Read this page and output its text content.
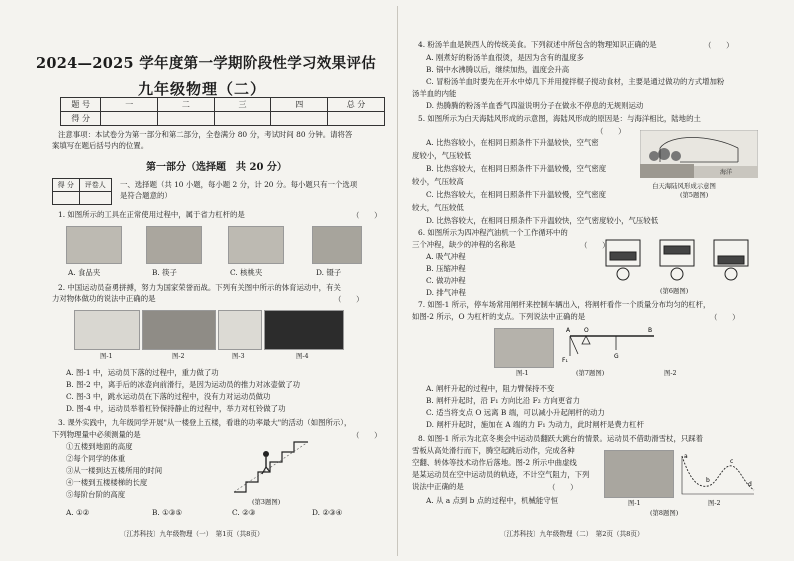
2024—2025 学年度第一学期阶段性学习效果评估
九年级物理（二）
题 号	一	二	三	四	总 分
得 分					
注意事项：本试卷分为第一部分和第二部分，全卷满分 80 分，考试时间 80 分钟。请将答
案填写在题后括号内的位置。
第一部分（选择题　共 20 分）
得 分	评卷人
	一、选择题（共 10 小题，每小题 2 分，计 20 分。每小题只有一个选项
是符合题意的）
1. 如图所示的工具在正常使用过程中，属于省力杠杆的是	（　　）
A. 食品夹	B. 筷子	C. 核桃夹	D. 镊子
2. 中国运动员奋勇拼搏，努力为国家荣誉而战。下列有关图中所示的体育运动中，有关
力对物体做功的说法中正确的是	（　　）
图-1	图-2	图-3	图-4
A. 图-1 中，运动员下落的过程中，重力做了功
B. 图-2 中，离手后的冰壶向前滑行，是因为运动员的推力对冰壶做了功
C. 图-3 中，跳水运动员在下落的过程中，没有力对运动员做功
D. 图-4 中，运动员举着杠铃保持静止的过程中，举力对杠铃做了功
3. 课外实践中，九年级同学开展"从一楼登上五楼，看谁的功率最大"的活动（如图所示），
下列物理量中必须测量的是	（　　）
①五楼到地面的高度
②每个同学的体重
③从一楼到达五楼所用的时间
④一楼到五楼楼梯的长度
⑤每阶台阶的高度
(第3题图)
A. ①②	B. ①③⑤	C. ②③	D. ②③④
〔江苏科技〕九年级物理（一）　第1页（共8页）
4. 粉汤羊血是陕西人的传统美食。下列叙述中所包含的物理知识正确的是	（　　）
A. 刚煮好的粉汤羊血很烫，是因为含有的温度多
B. 锅中水沸腾以后，继续加热，温度会升高
C. 冒粉汤羊血时要先在开水中焯几下并用搅拌棍子搅动食材，主要是通过做功的方式增加粉
汤羊血的内能
D. 热腾腾的粉汤羊血香气四溢说明分子在做永不停息的无规则运动
5. 如图所示为白天海陆风形成的示意图，海陆风形成的原因是：与海洋相比，陆地的土
（　　）
A. 比热容较小，在相同日照条件下升温较快，空气密
度较小，气压较低
B. 比热容较大，在相同日照条件下升温较慢，空气密度
较小，气压较高
C. 比热容较大，在相同日照条件下升温较慢，空气密度
较大，气压较低
D. 比热容较大，在相同日照条件下升温较快，空气密度较小，气压较低
海洋
白天海陆风形成示意图
(第5题图)
6. 如图所示为四冲程汽油机一个工作循环中的
三个冲程，缺少的冲程的名称是	（　　）
A. 吸气冲程
B. 压缩冲程
C. 做功冲程
D. 排气冲程	(第6题图)
7. 如图-1 所示，停车场常用闸杆来控制车辆出入，将闸杆看作一个质量分布均匀的杠杆，
如图-2 所示，O 为杠杆的支点。下列说法中正确的是	（　　）
图-1
A O	B
F₁
G
(第7题图)	图-2
A. 闸杆升起的过程中，阻力臂保持不变
B. 闸杆升起时，沿 F₁ 方向比沿 F₂ 方向更省力
C. 适当将支点 O 远离 B 端，可以减小升起闸杆的动力
D. 闸杆升起时，施加在 A 端的力 F₁ 为动力，此时闸杆是费力杠杆
8. 如图-1 所示为北京冬奥会中运动员翻跃大跳台的情景。运动员不借助滑雪杖，只踩着
雪板从高处滑行而下，腾空起跳后动作，完成各种
空翻、转体等技术动作后落地。图-2 所示中曲虚线
是某运动员在空中运动员的轨迹，不计空气阻力，下列
说法中正确的是	（　　）
A. 从 a 点到 b 点的过程中，机械能守恒	图-1
a
b
c
d
图-2
(第8题图)
〔江苏科技〕九年级物理（二）　第2页（共8页）
